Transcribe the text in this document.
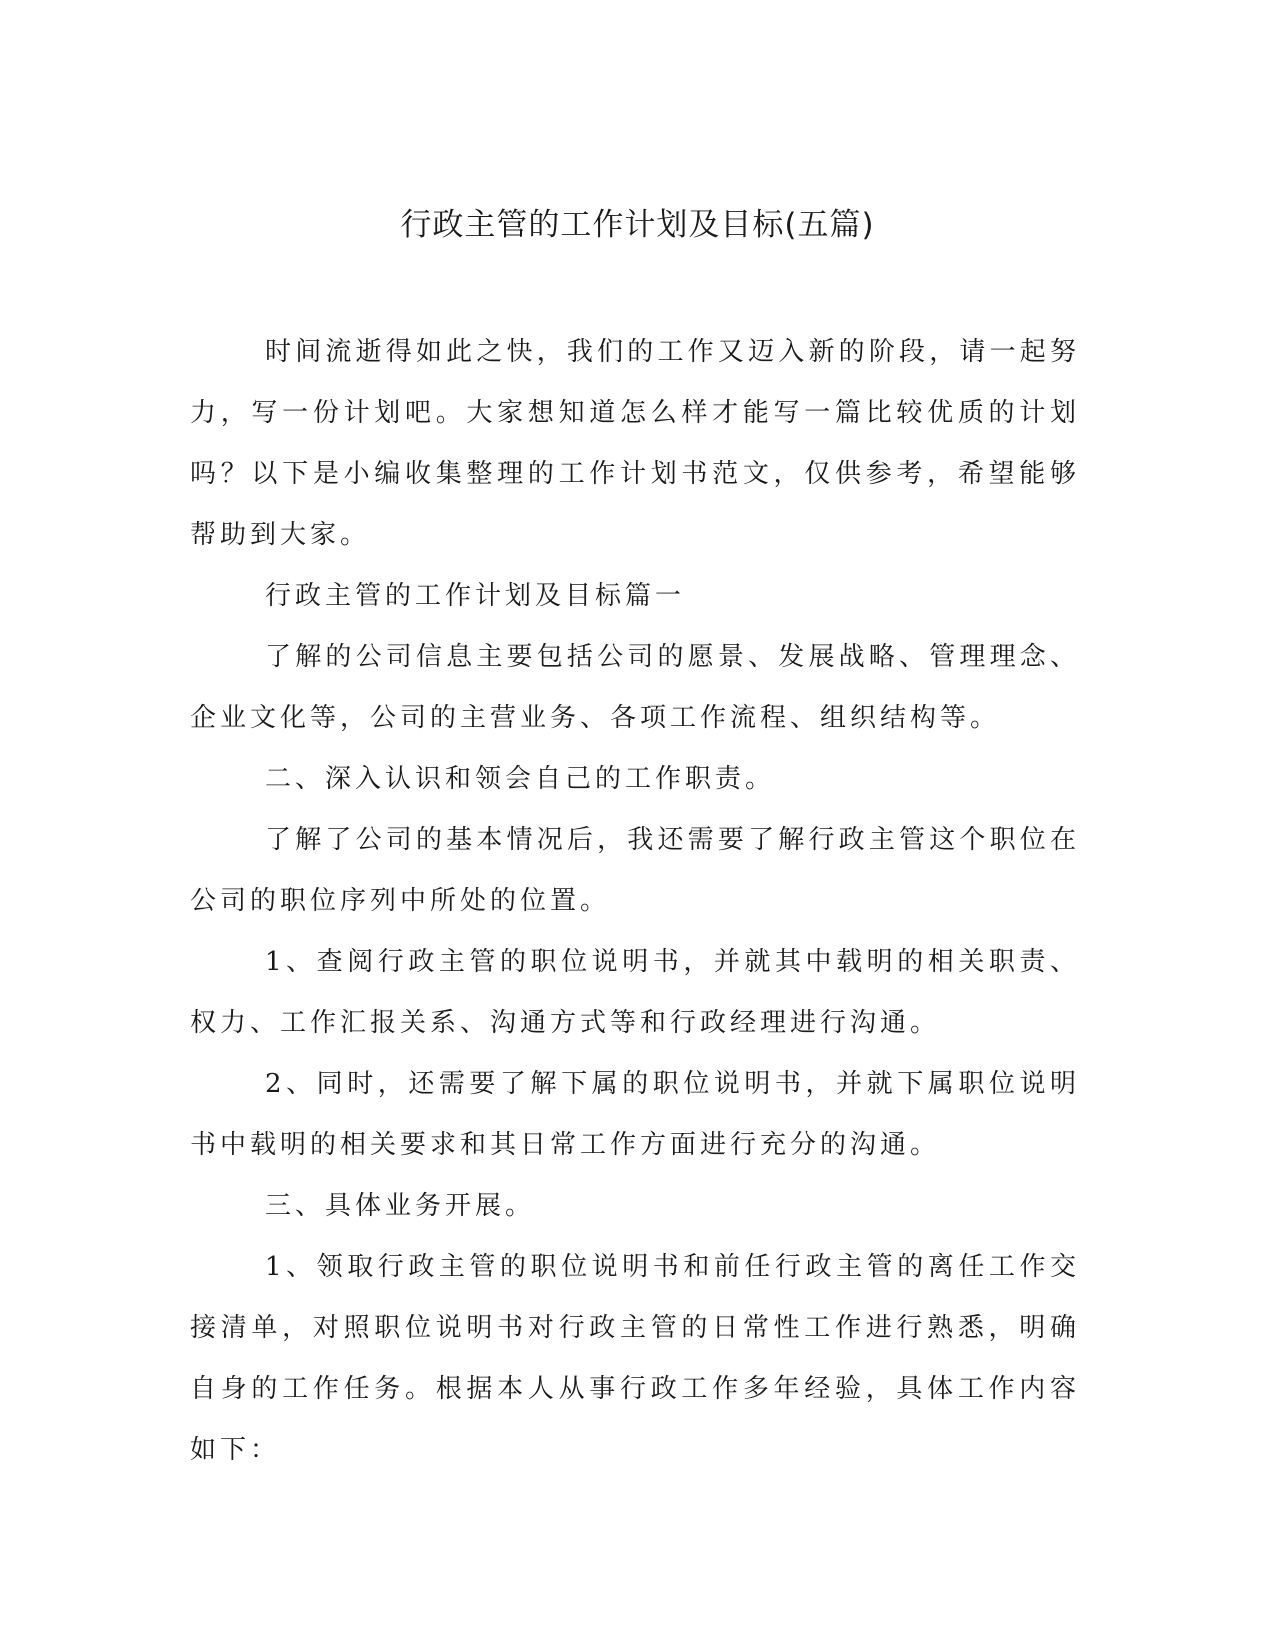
行政主管的工作计划及目标(五篇)

时间流逝得如此之快，我们的工作又迈入新的阶段，请一起努力，写一份计划吧。大家想知道怎么样才能写一篇比较优质的计划吗？以下是小编收集整理的工作计划书范文，仅供参考，希望能够帮助到大家。

行政主管的工作计划及目标篇一

了解的公司信息主要包括公司的愿景、发展战略、管理理念、企业文化等，公司的主营业务、各项工作流程、组织结构等。

二、深入认识和领会自己的工作职责。

了解了公司的基本情况后，我还需要了解行政主管这个职位在公司的职位序列中所处的位置。

1、查阅行政主管的职位说明书，并就其中载明的相关职责、权力、工作汇报关系、沟通方式等和行政经理进行沟通。

2、同时，还需要了解下属的职位说明书，并就下属职位说明书中载明的相关要求和其日常工作方面进行充分的沟通。

三、具体业务开展。

1、领取行政主管的职位说明书和前任行政主管的离任工作交接清单，对照职位说明书对行政主管的日常性工作进行熟悉，明确自身的工作任务。根据本人从事行政工作多年经验，具体工作内容如下：
